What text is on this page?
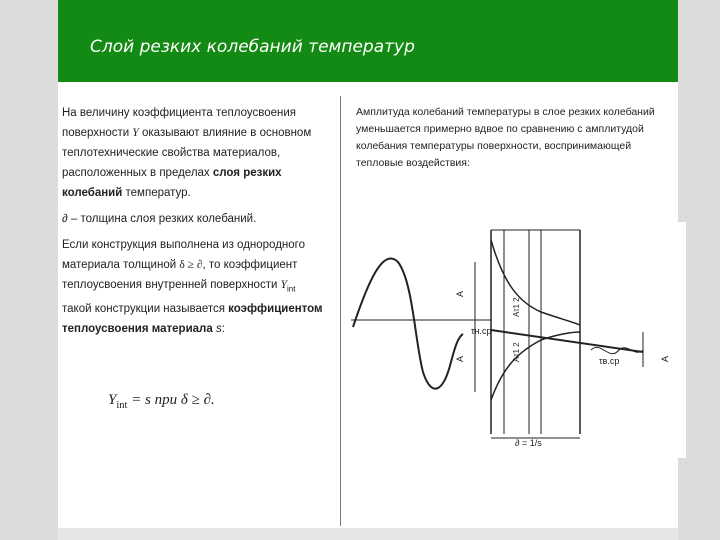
Слой резких колебаний температур

На величину коэффициента теплоусвоения поверхности Y оказывают влияние в основном теплотехнические свойства материалов, расположенных в пределах слоя резких колебаний температур.

∂ – толщина слоя резких колебаний.

Если конструкция выполнена из однородного материала толщиной δ ≥ ∂, то коэффициент теплоусвоения внутренней поверхности $Y_{int}$ такой конструкции называется коэффициентом теплоусвоения материала s:

$Y_{int} = s$ при δ ≥ ∂.
Амплитуда колебаний температуры в слое резких колебаний уменьшается примерно вдвое по сравнению с амплитудой колебания температуры поверхности, воспринимающей тепловые воздействия:
A
A
τн.ср
τв.ср
Aτ1 2
Aτ1 2	A
∂ = 1/s
